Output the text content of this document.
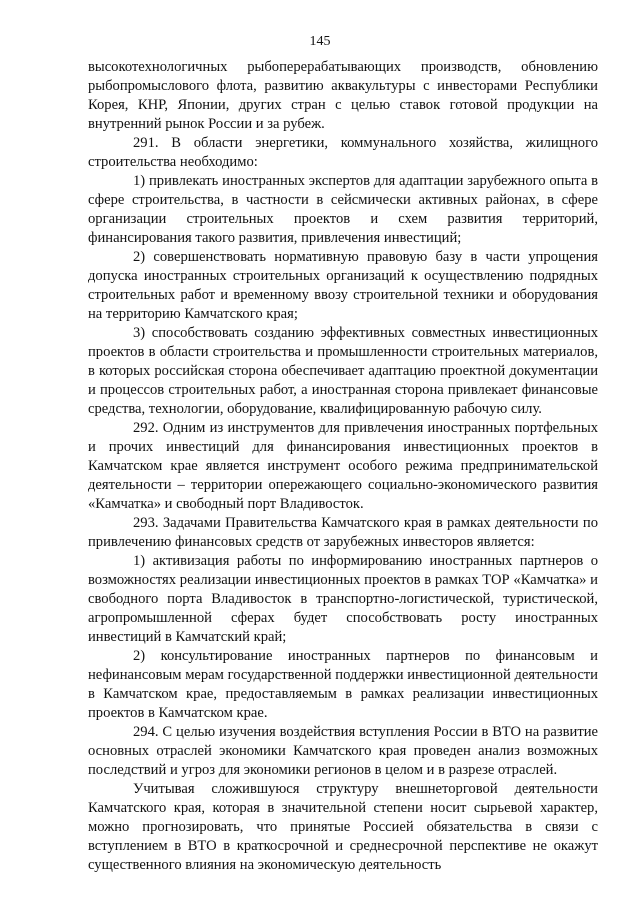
145

высокотехнологичных рыбоперерабатывающих производств, обновлению рыбопромыслового флота, развитию аквакультуры с инвесторами Республики Корея, КНР, Японии, других стран с целью ставок готовой продукции на внутренний рынок России и за рубеж.

291. В области энергетики, коммунального хозяйства, жилищного строительства необходимо:

1) привлекать иностранных экспертов для адаптации зарубежного опыта в сфере строительства, в частности в сейсмически активных районах, в сфере организации строительных проектов и схем развития территорий, финансирования такого развития, привлечения инвестиций;

2) совершенствовать нормативную правовую базу в части упрощения допуска иностранных строительных организаций к осуществлению подрядных строительных работ и временному ввозу строительной техники и оборудования на территорию Камчатского края;

3) способствовать созданию эффективных совместных инвестиционных проектов в области строительства и промышленности строительных материалов, в которых российская сторона обеспечивает адаптацию проектной документации и процессов строительных работ, а иностранная сторона привлекает финансовые средства, технологии, оборудование, квалифицированную рабочую силу.

292. Одним из инструментов для привлечения иностранных портфельных и прочих инвестиций для финансирования инвестиционных проектов в Камчатском крае является инструмент особого режима предпринимательской деятельности – территории опережающего социально-экономического развития «Камчатка» и свободный порт Владивосток.

293. Задачами Правительства Камчатского края в рамках деятельности по привлечению финансовых средств от зарубежных инвесторов является:

1) активизация работы по информированию иностранных партнеров о возможностях реализации инвестиционных проектов в рамках ТОР «Камчатка» и свободного порта Владивосток в транспортно-логистической, туристической, агропромышленной сферах будет способствовать росту иностранных инвестиций в Камчатский край;

2) консультирование иностранных партнеров по финансовым и нефинансовым мерам государственной поддержки инвестиционной деятельности в Камчатском крае, предоставляемым в рамках реализации инвестиционных проектов в Камчатском крае.

294. С целью изучения воздействия вступления России в ВТО на развитие основных отраслей экономики Камчатского края проведен анализ возможных последствий и угроз для экономики регионов в целом и в разрезе отраслей.

Учитывая сложившуюся структуру внешнеторговой деятельности Камчатского края, которая в значительной степени носит сырьевой характер, можно прогнозировать, что принятые Россией обязательства в связи с вступлением в ВТО в краткосрочной и среднесрочной перспективе не окажут существенного влияния на экономическую деятельность
